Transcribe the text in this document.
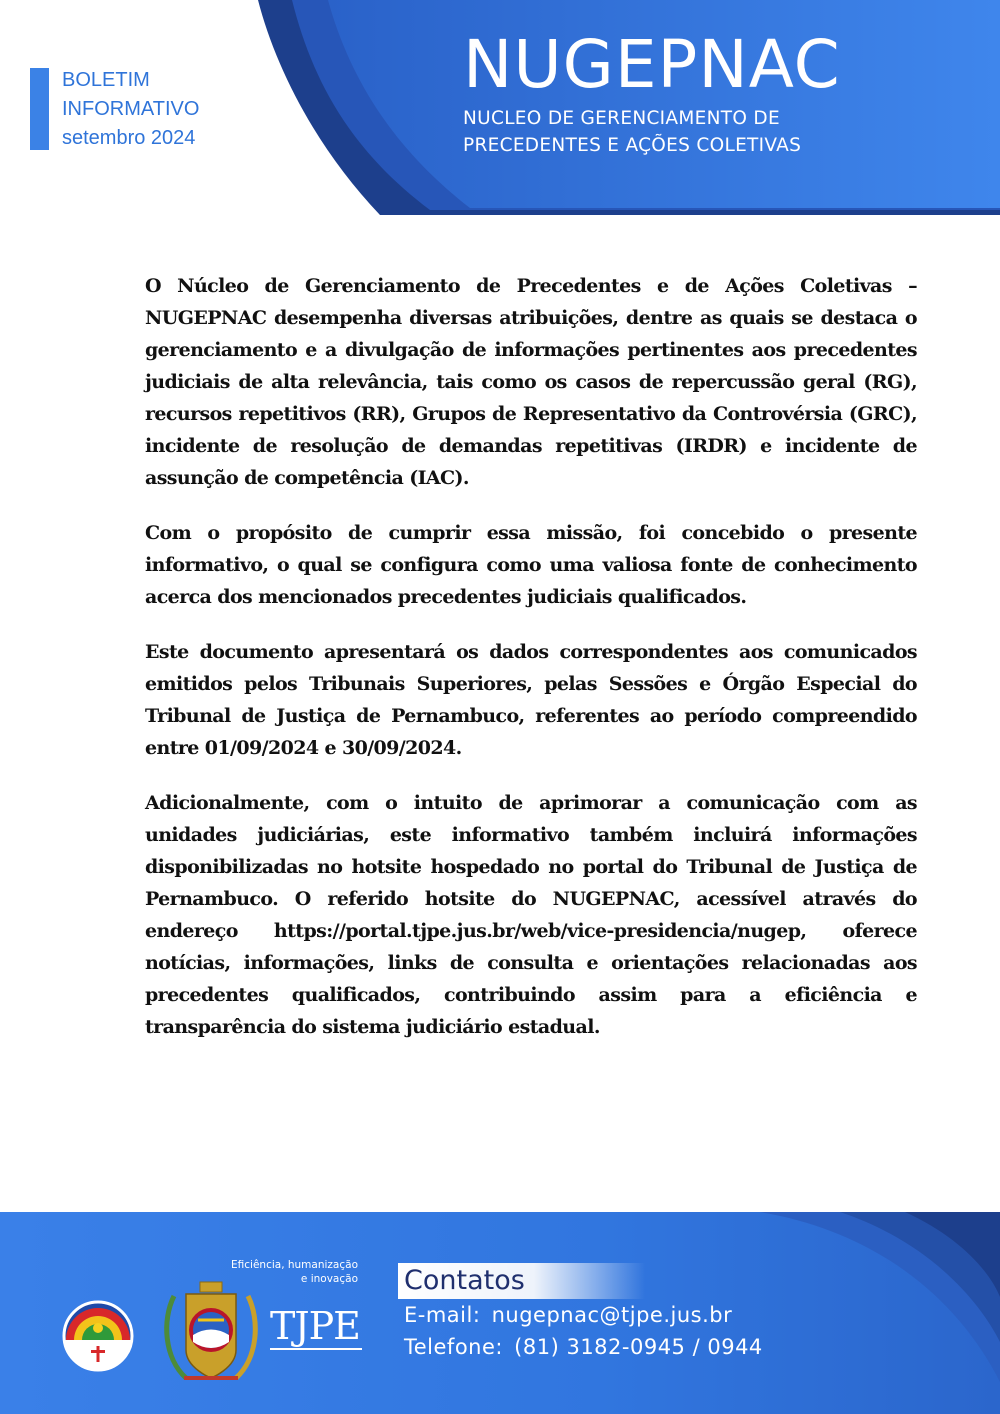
BOLETIM
INFORMATIVO
setembro 2024
NUGEPNAC
NUCLEO DE GERENCIAMENTO DE
PRECEDENTES E AÇÕES COLETIVAS

O Núcleo de Gerenciamento de Precedentes e de Ações Coletivas – NUGEPNAC desempenha diversas atribuições, dentre as quais se destaca o gerenciamento e a divulgação de informações pertinentes aos precedentes judiciais de alta relevância, tais como os casos de repercussão geral (RG), recursos repetitivos (RR), Grupos de Representativo da Controvérsia (GRC), incidente de resolução de demandas repetitivas (IRDR) e incidente de assunção de competência (IAC).

Com o propósito de cumprir essa missão, foi concebido o presente informativo, o qual se configura como uma valiosa fonte de conhecimento acerca dos mencionados precedentes judiciais qualificados.

Este documento apresentará os dados correspondentes aos comunicados emitidos pelos Tribunais Superiores, pelas Sessões e Órgão Especial do Tribunal de Justiça de Pernambuco, referentes ao período compreendido entre 01/09/2024 e 30/09/2024.

Adicionalmente, com o intuito de aprimorar a comunicação com as unidades judiciárias, este informativo também incluirá informações disponibilizadas no hotsite hospedado no portal do Tribunal de Justiça de Pernambuco. O referido hotsite do NUGEPNAC, acessível através do endereço https://portal.tjpe.jus.br/web/vice-presidencia/nugep, oferece notícias, informações, links de consulta e orientações relacionadas aos precedentes qualificados, contribuindo assim para a eficiência e transparência do sistema judiciário estadual.

Eficiência, humanização
e inovação
TJPE
Contatos
E-mail: nugepnac@tjpe.jus.br
Telefone: (81) 3182-0945 / 0944
